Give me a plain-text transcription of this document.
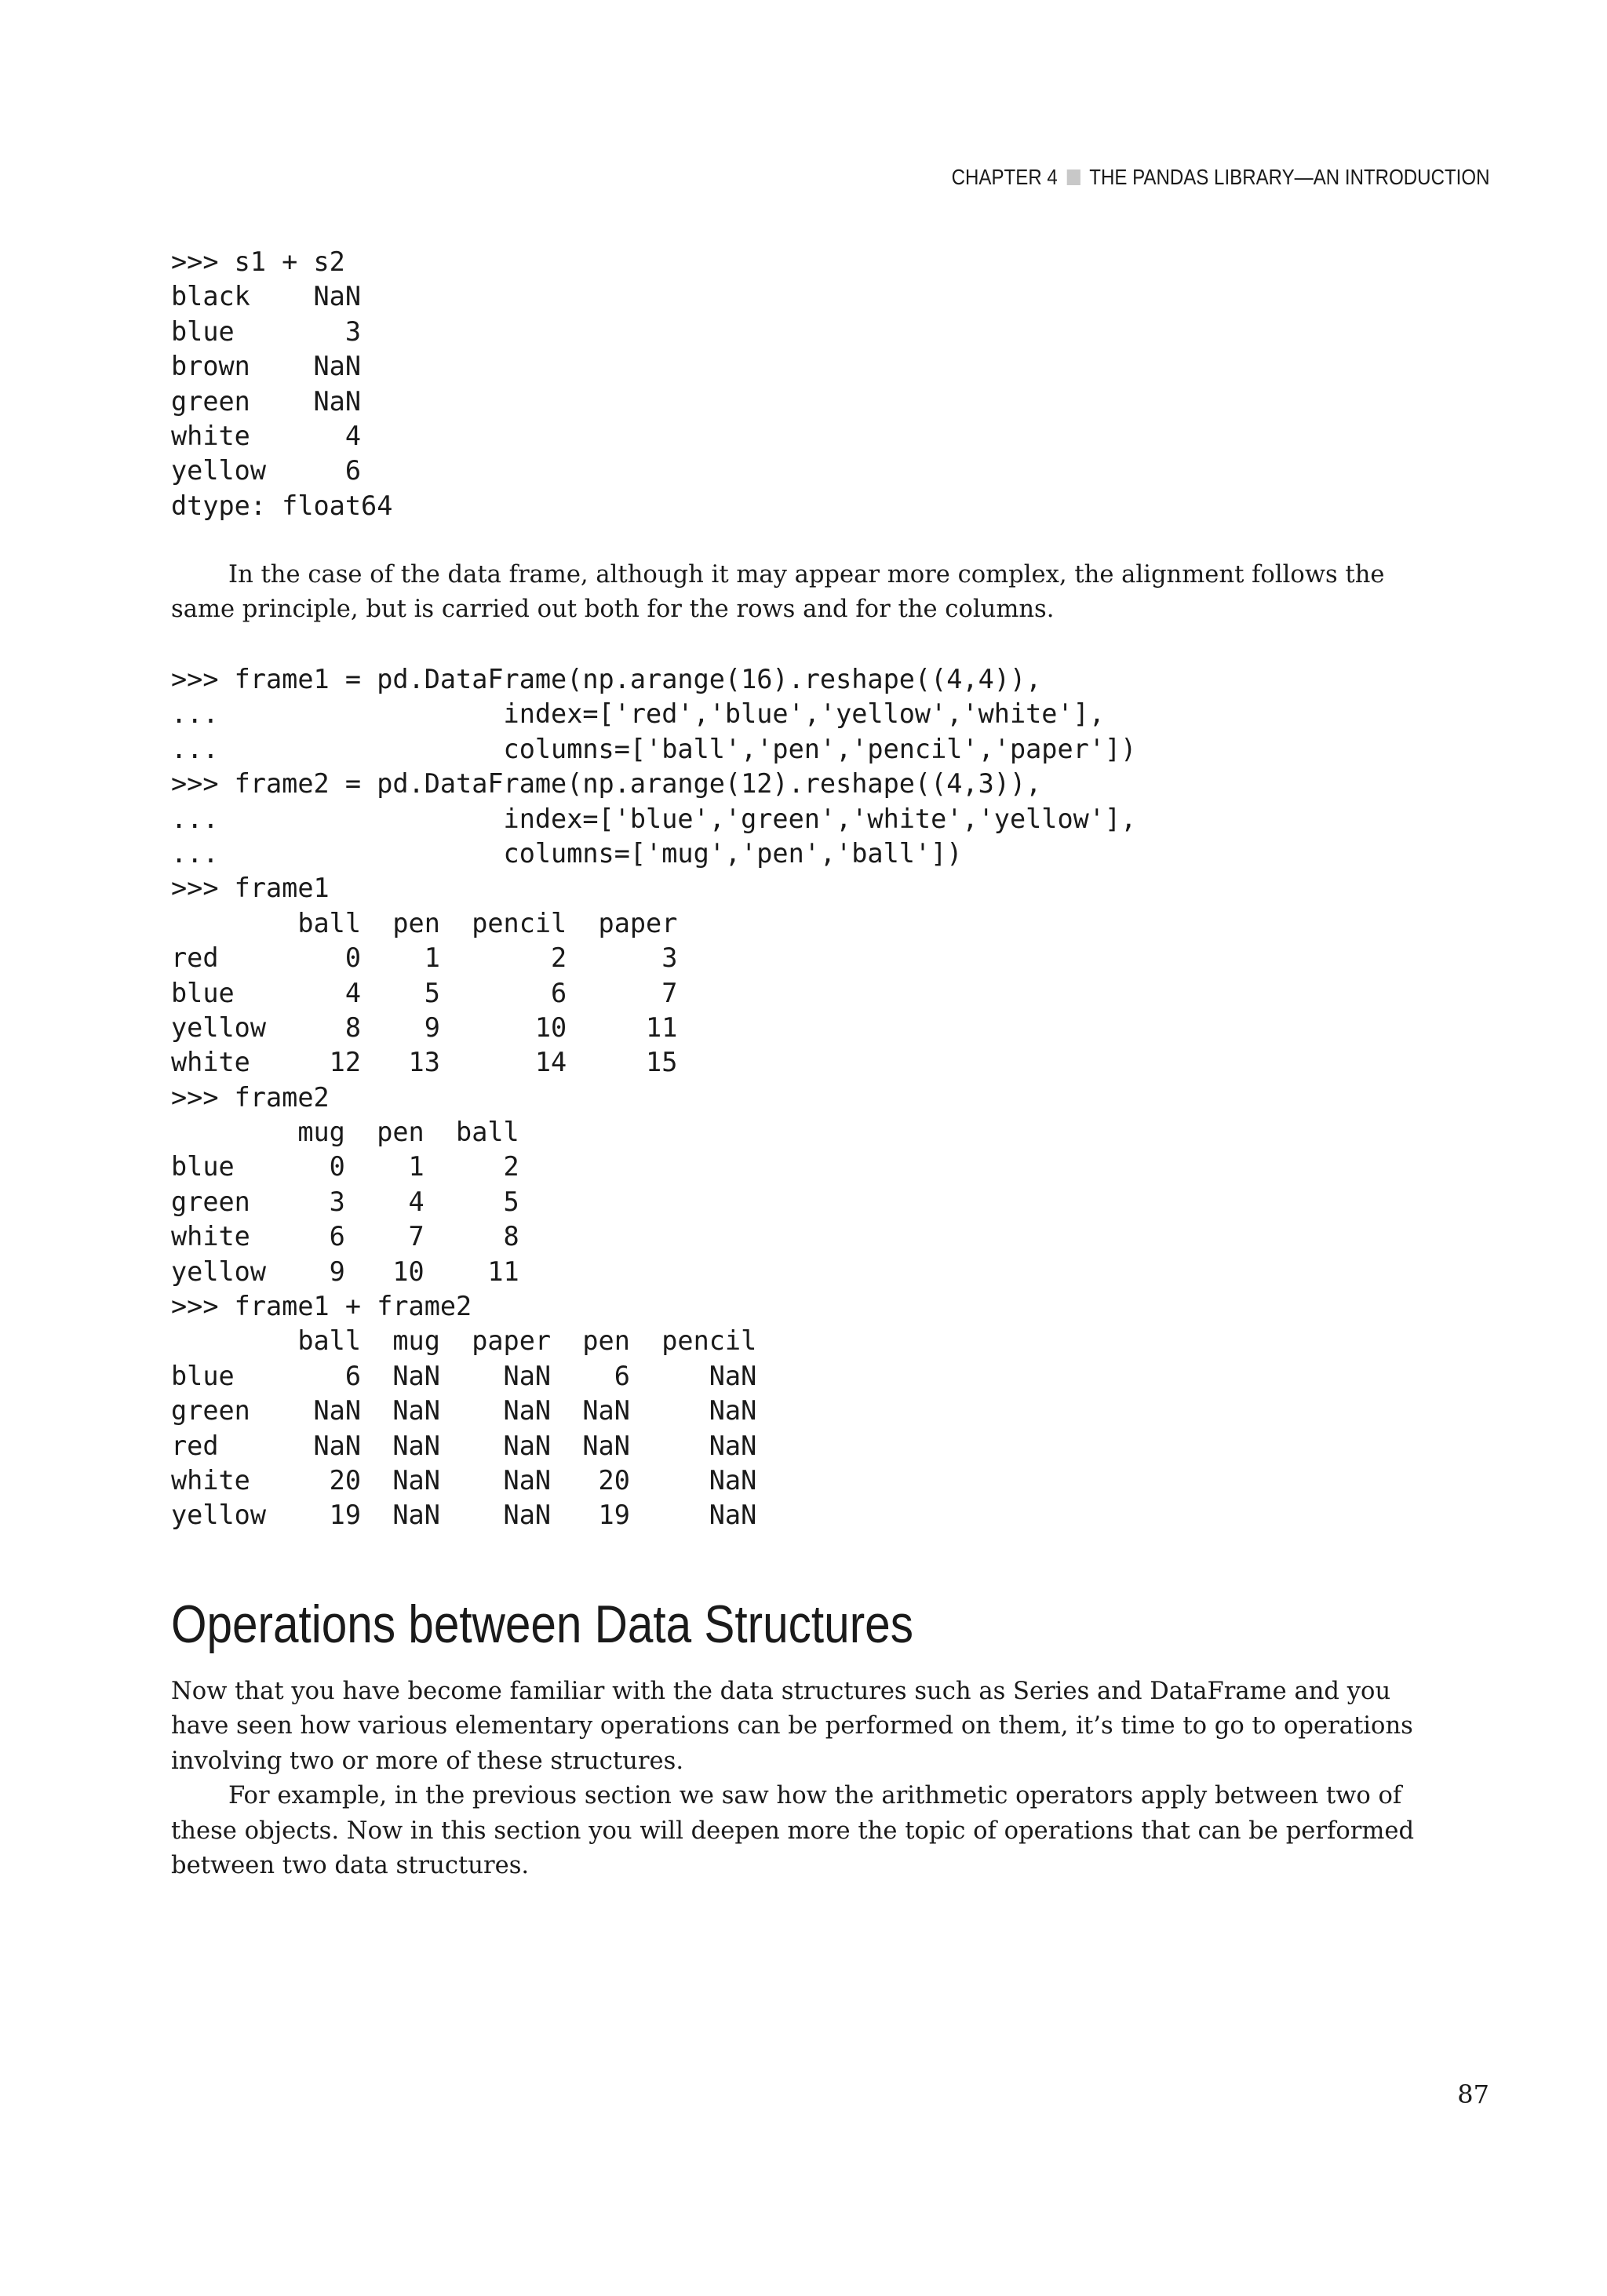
CHAPTER 4 THE PANDAS LIBRARY—AN INTRODUCTION
>>> s1 + s2
black    NaN
blue       3
brown    NaN
green    NaN
white      4
yellow     6
dtype: float64

In the case of the data frame, although it may appear more complex, the alignment follows the same principle, but is carried out both for the rows and for the columns.

>>> frame1 = pd.DataFrame(np.arange(16).reshape((4,4)),
...                  index=['red','blue','yellow','white'],
...                  columns=['ball','pen','pencil','paper'])
>>> frame2 = pd.DataFrame(np.arange(12).reshape((4,3)),
...                  index=['blue','green','white','yellow'],
...                  columns=['mug','pen','ball'])
>>> frame1
ball  pen  pencil  paper
red        0    1       2      3
blue       4    5       6      7
yellow     8    9      10     11
white     12   13      14     15
>>> frame2
mug  pen  ball
blue      0    1     2
green     3    4     5
white     6    7     8
yellow    9   10    11
>>> frame1 + frame2
ball  mug  paper  pen  pencil
blue       6  NaN    NaN    6     NaN
green    NaN  NaN    NaN  NaN     NaN
red      NaN  NaN    NaN  NaN     NaN
white     20  NaN    NaN   20     NaN
yellow    19  NaN    NaN   19     NaN
Operations between Data Structures

Now that you have become familiar with the data structures such as Series and DataFrame and you have seen how various elementary operations can be performed on them, it’s time to go to operations involving two or more of these structures.

For example, in the previous section we saw how the arithmetic operators apply between two of these objects. Now in this section you will deepen more the topic of operations that can be performed between two data structures.

87
